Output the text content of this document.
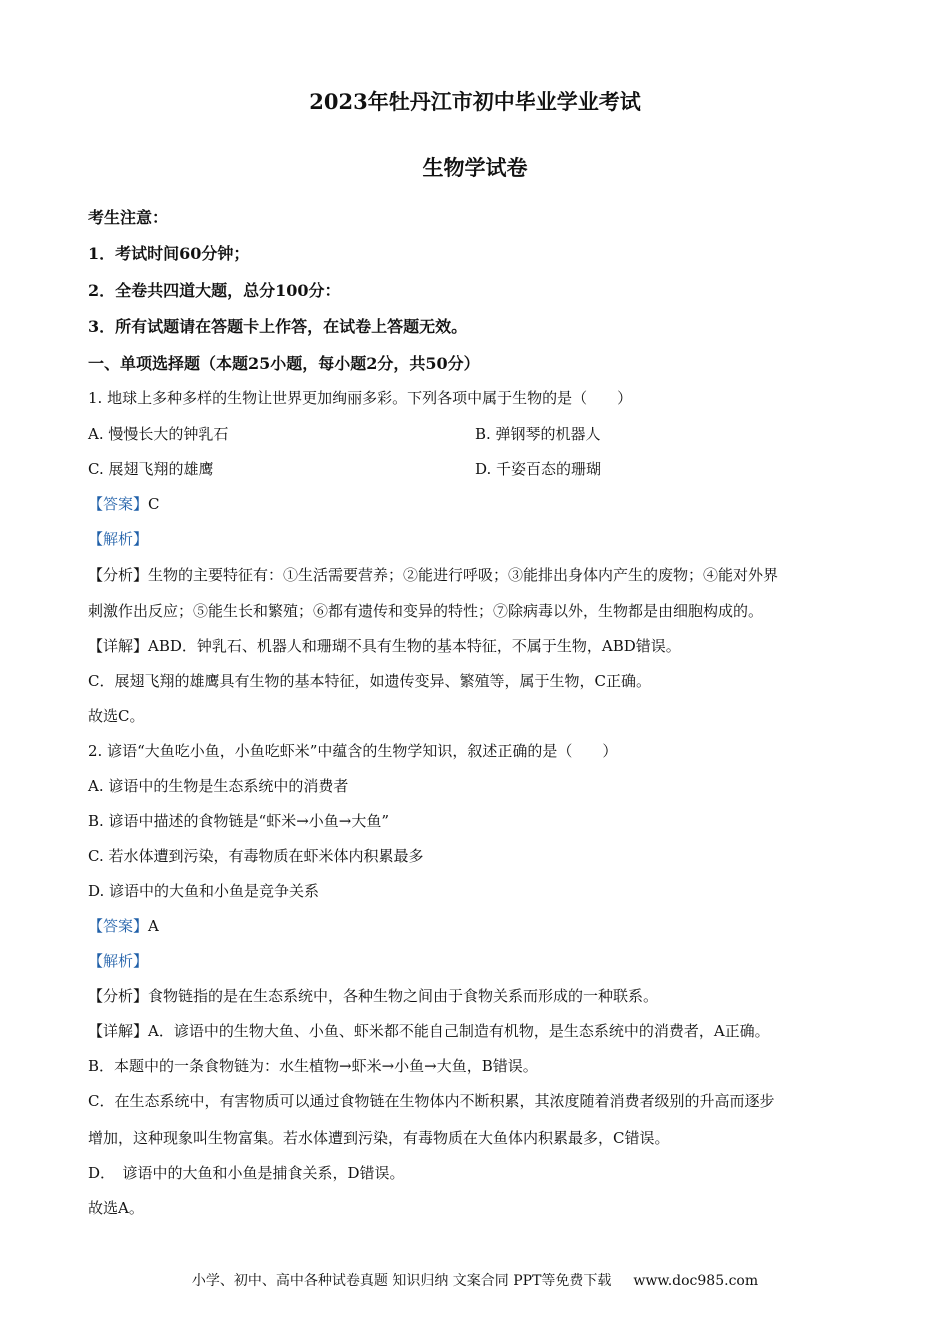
2023年牡丹江市初中毕业学业考试
生物学试卷
考生注意：
1．考试时间60分钟；
2．全卷共四道大题，总分100分：
3．所有试题请在答题卡上作答，在试卷上答题无效。
一、单项选择题（本题25小题，每小题2分，共50分）
1. 地球上多种多样的生物让世界更加绚丽多彩。下列各项中属于生物的是（　　）
A. 慢慢长大的钟乳石	B. 弹钢琴的机器人
C. 展翅飞翔的雄鹰	D. 千姿百态的珊瑚
【答案】C
【解析】
【分析】生物的主要特征有：①生活需要营养；②能进行呼吸；③能排出身体内产生的废物；④能对外界
刺激作出反应；⑤能生长和繁殖；⑥都有遗传和变异的特性；⑦除病毒以外，生物都是由细胞构成的。
【详解】ABD．钟乳石、机器人和珊瑚不具有生物的基本特征，不属于生物，ABD错误。
C．展翅飞翔的雄鹰具有生物的基本特征，如遗传变异、繁殖等，属于生物，C正确。
故选C。
2. 谚语“大鱼吃小鱼，小鱼吃虾米”中蕴含的生物学知识，叙述正确的是（　　）
A. 谚语中的生物是生态系统中的消费者
B. 谚语中描述的食物链是“虾米→小鱼→大鱼”
C. 若水体遭到污染，有毒物质在虾米体内积累最多
D. 谚语中的大鱼和小鱼是竞争关系
【答案】A
【解析】
【分析】食物链指的是在生态系统中，各种生物之间由于食物关系而形成的一种联系。
【详解】A．谚语中的生物大鱼、小鱼、虾米都不能自己制造有机物，是生态系统中的消费者，A正确。
B．本题中的一条食物链为：水生植物→虾米→小鱼→大鱼，B错误。
C．在生态系统中，有害物质可以通过食物链在生物体内不断积累，其浓度随着消费者级别的升高而逐步
增加，这种现象叫生物富集。若水体遭到污染，有毒物质在大鱼体内积累最多，C错误。
D．　谚语中的大鱼和小鱼是捕食关系，D错误。
故选A。
小学、初中、高中各种试卷真题 知识归纳 文案合同 PPT等免费下载 www.doc985.com
